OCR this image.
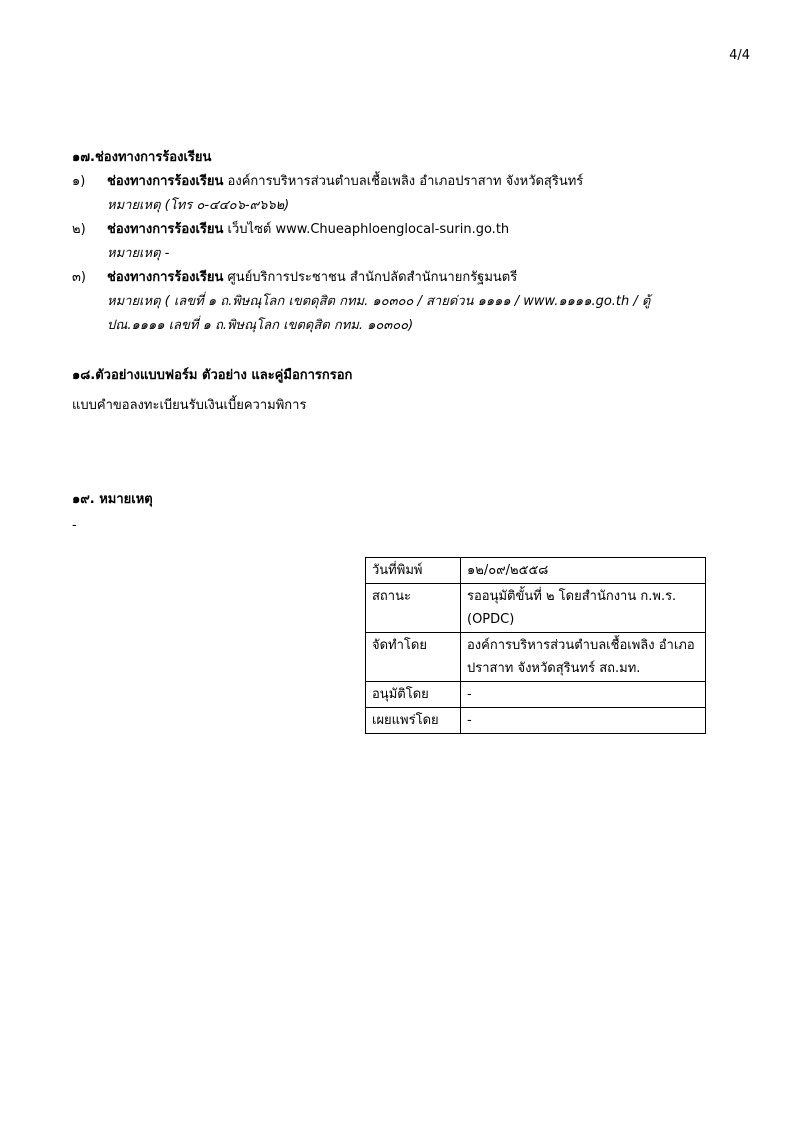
4/4
๑๗.ช่องทางการร้องเรียน
๑) ช่องทางการร้องเรียน องค์การบริหารส่วนตำบลเชื้อเพลิง อำเภอปราสาท จังหวัดสุรินทร์
หมายเหตุ (โทร ๐-๔๔๐๖-๙๖๖๒)
๒) ช่องทางการร้องเรียน เว็บไซต์ www.Chueaphloenglocal-surin.go.th
หมายเหตุ -
๓) ช่องทางการร้องเรียน ศูนย์บริการประชาชน สำนักปลัดสำนักนายกรัฐมนตรี
หมายเหตุ ( เลขที่ ๑ ถ.พิษณุโลก เขตดุสิต กทม. ๑๐๓๐๐ / สายด่วน ๑๑๑๑ / www.๑๑๑๑.go.th / ตู้
ปณ.๑๑๑๑ เลขที่ ๑ ถ.พิษณุโลก เขตดุสิต กทม. ๑๐๓๐๐)
๑๘.ตัวอย่างแบบฟอร์ม ตัวอย่าง และคู่มือการกรอก
แบบคำขอลงทะเบียนรับเงินเบี้ยความพิการ
๑๙. หมายเหตุ
-
วันที่พิมพ์	๑๒/๐๙/๒๕๕๘
สถานะ	รออนุมัติขั้นที่ ๒ โดยสำนักงาน ก.พ.ร. (OPDC)
จัดทำโดย	องค์การบริหารส่วนตำบลเชื้อเพลิง อำเภอปราสาท จังหวัดสุรินทร์ สถ.มท.
อนุมัติโดย	-
เผยแพร่โดย	-
